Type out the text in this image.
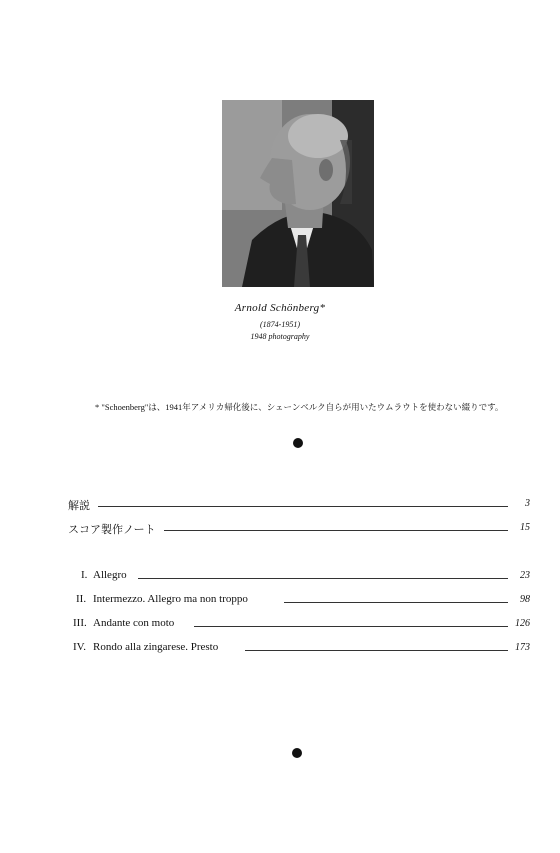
Arnold Schönberg*
(1874-1951)
1948 photography
* "Schoenberg"は、1941年アメリカ帰化後に、シェーンベルク自らが用いたウムラウトを使わない綴りです。
解説	3
スコア製作ノート	15
I. Allegro	23
II. Intermezzo. Allegro ma non troppo	98
III. Andante con moto	126
IV. Rondo alla zingarese. Presto	173
